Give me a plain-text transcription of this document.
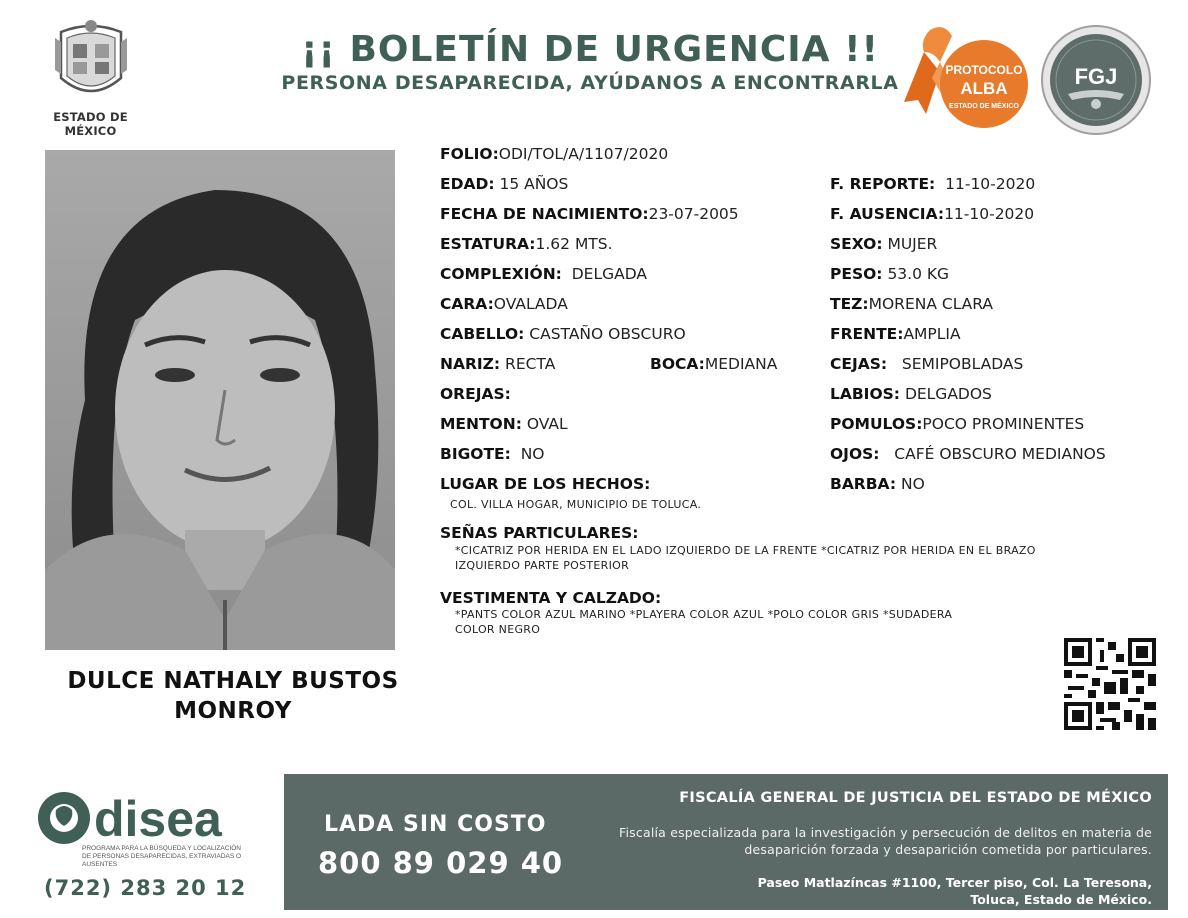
ESTADO DE MÉXICO
¡¡ BOLETÍN DE URGENCIA !!
PERSONA DESAPARECIDA, AYÚDANOS A ENCONTRARLA
PROTOCOLO
ALBA
ESTADO DE MÉXICO
FGJ
DULCE NATHALY BUSTOS
MONROY
FOLIO:ODI/TOL/A/1107/2020
EDAD: 15 AÑOS
FECHA DE NACIMIENTO:23-07-2005
ESTATURA:1.62 MTS.
COMPLEXIÓN: DELGADA
CARA:OVALADA
CABELLO: CASTAÑO OBSCURO
NARIZ: RECTA	BOCA:MEDIANA
OREJAS:
MENTON: OVAL
BIGOTE: NO
LUGAR DE LOS HECHOS:
COL. VILLA HOGAR, MUNICIPIO DE TOLUCA.
F. REPORTE: 11-10-2020
F. AUSENCIA:11-10-2020
SEXO: MUJER
PESO: 53.0 KG
TEZ:MORENA CLARA
FRENTE:AMPLIA
CEJAS: SEMIPOBLADAS
LABIOS: DELGADOS
POMULOS:POCO PROMINENTES
OJOS: CAFÉ OBSCURO MEDIANOS
BARBA: NO
SEÑAS PARTICULARES:
*CICATRIZ POR HERIDA EN EL LADO IZQUIERDO DE LA FRENTE *CICATRIZ POR HERIDA EN EL BRAZO
IZQUIERDO PARTE POSTERIOR
VESTIMENTA Y CALZADO:
*PANTS COLOR AZUL MARINO *PLAYERA COLOR AZUL *POLO COLOR GRIS *SUDADERA
COLOR NEGRO
disea
PROGRAMA PARA LA BÚSQUEDA Y LOCALIZACIÓN
DE PERSONAS DESAPARECIDAS, EXTRAVIADAS O
AUSENTES
(722) 283 20 12
LADA SIN COSTO
800 89 029 40
FISCALÍA GENERAL DE JUSTICIA DEL ESTADO DE MÉXICO
Fiscalía especializada para la investigación y persecución de delitos en materia de desaparición forzada y desaparición cometida por particulares.
Paseo Matlazíncas #1100, Tercer piso, Col. La Teresona,
Toluca, Estado de México.
